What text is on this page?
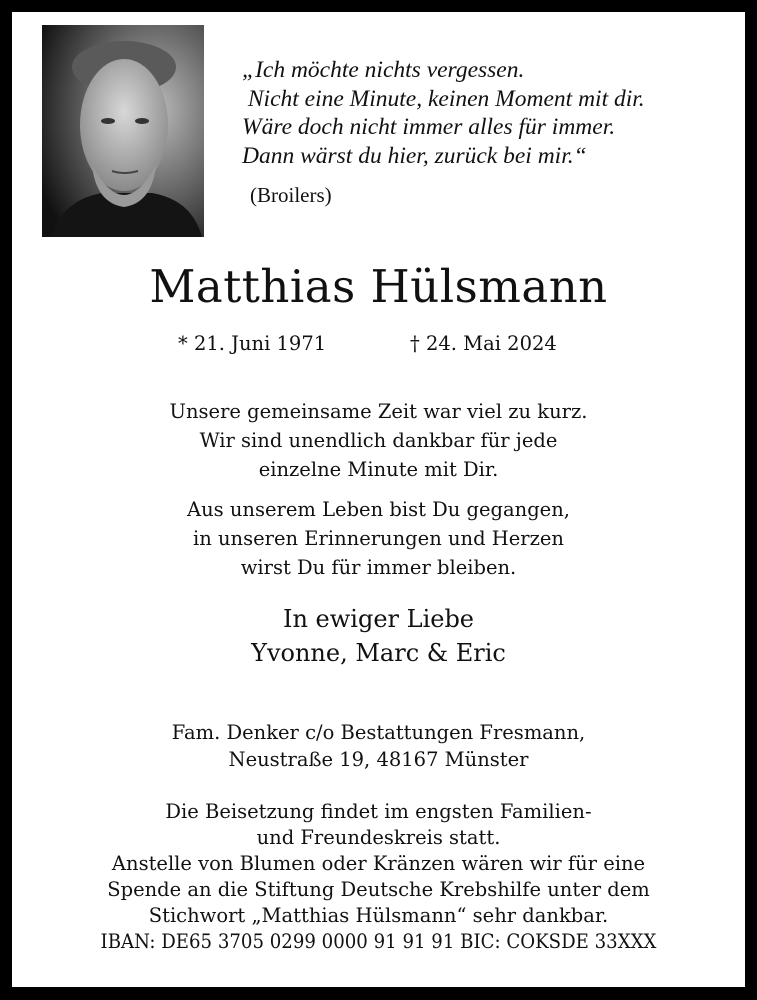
„Ich möchte nichts vergessen.
Nicht eine Minute, keinen Moment mit dir.
Wäre doch nicht immer alles für immer.
Dann wärst du hier, zurück bei mir.“
(Broilers)
Matthias Hülsmann
* 21. Juni 1971	† 24. Mai 2024
Unsere gemeinsame Zeit war viel zu kurz.
Wir sind unendlich dankbar für jede
einzelne Minute mit Dir.
Aus unserem Leben bist Du gegangen,
in unseren Erinnerungen und Herzen
wirst Du für immer bleiben.
In ewiger Liebe
Yvonne, Marc & Eric
Fam. Denker c/o Bestattungen Fresmann,
Neustraße 19, 48167 Münster
Die Beisetzung findet im engsten Familien-
und Freundeskreis statt.
Anstelle von Blumen oder Kränzen wären wir für eine
Spende an die Stiftung Deutsche Krebshilfe unter dem
Stichwort „Matthias Hülsmann“ sehr dankbar.
IBAN: DE65 3705 0299 0000 91 91 91 BIC: COKSDE 33XXX
